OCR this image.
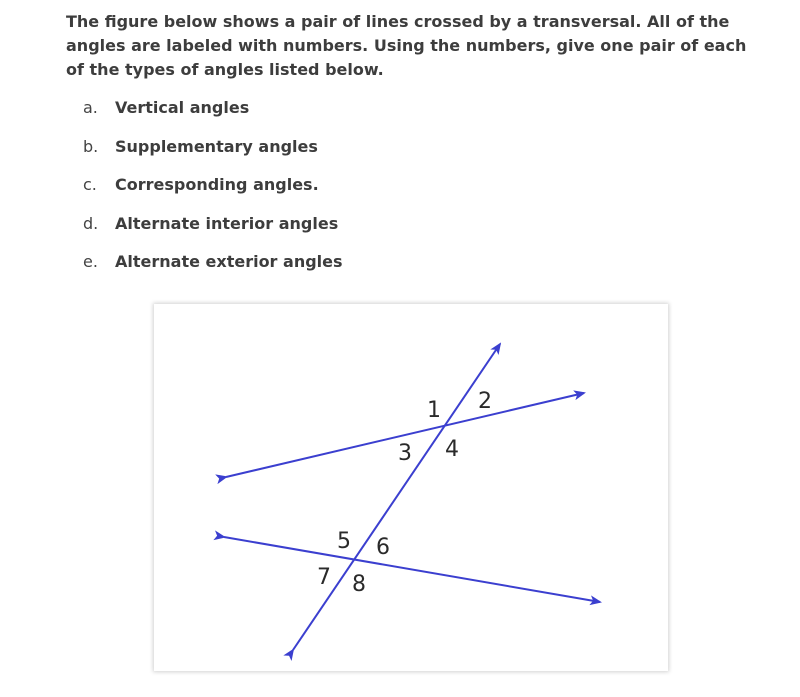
The figure below shows a pair of lines crossed by a transversal. All of the angles are labeled with numbers. Using the numbers, give one pair of each of the types of angles listed below.

a.	Vertical angles
b.	Supplementary angles
c.	Corresponding angles.
d.	Alternate interior angles
e.	Alternate exterior angles
1 2
3 4
5 6
7 8
